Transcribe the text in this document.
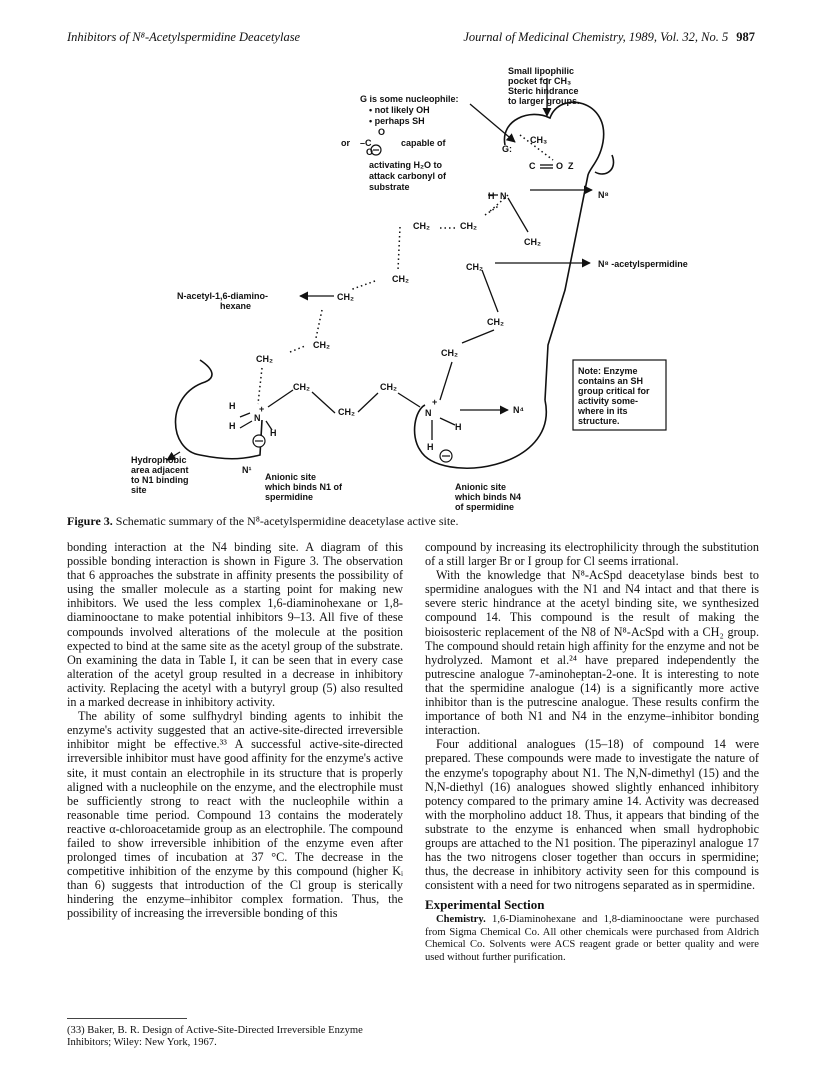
Inhibitors of N⁸-Acetylspermidine Deacetylase	Journal of Medicinal Chemistry, 1989, Vol. 32, No. 5 987
Small lipophilic
pocket for CH₃
Steric hindrance
to larger groups.
G is some nucleophile:
• not likely OH
• perhaps SH
or –C
O
O
capable of
activating H₂O to
attack carbonyl of
substrate
G:
CH₃
C O Z
H N	N⁸
CH₂	CH₂
CH₂
CH₂	N⁸ -acetylspermidine
CH₂
CH₂
N-acetyl-1,6-diamino-
hexane
CH₂
CH₂
CH₂
CH₂
CH₂	CH₂
CH₂
H
H
N
+
H
+
N
H
H
N⁴
Note: Enzyme
contains an SH
group critical for
activity some-
where in its
structure.
Hydrophobic
area adjacent
to N1 binding
site
N¹
Anionic site
which binds N1 of
spermidine
Anionic site
which binds N4
of spermidine
Figure 3. Schematic summary of the N⁸-acetylspermidine deacetylase active site.

bonding interaction at the N4 binding site. A diagram of this possible bonding interaction is shown in Figure 3. The observation that 6 approaches the substrate in affinity presents the possibility of using the smaller molecule as a starting point for making new inhibitors. We used the less complex 1,6-diaminohexane or 1,8-diaminooctane to make potential inhibitors 9–13. All five of these compounds involved alterations of the molecule at the position expected to bind at the same site as the acetyl group of the substrate. On examining the data in Table I, it can be seen that in every case alteration of the acetyl group resulted in a decrease in inhibitory activity. Replacing the acetyl with a butyryl group (5) also resulted in a marked decrease in inhibitory activity.

The ability of some sulfhydryl binding agents to inhibit the enzyme's activity suggested that an active-site-directed irreversible inhibitor might be effective.³³ A successful active-site-directed irreversible inhibitor must have good affinity for the enzyme's active site, it must contain an electrophile in its structure that is properly aligned with a nucleophile on the enzyme, and the electrophile must be sufficiently strong to react with the nucleophile within a reasonable time period. Compound 13 contains the moderately reactive α-chloroacetamide group as an electrophile. The compound failed to show irreversible inhibition of the enzyme even after prolonged times of incubation at 37 °C. The decrease in the competitive inhibition of the enzyme by this compound (higher Kᵢ than 6) suggests that introduction of the Cl group is sterically hindering the enzyme–inhibitor complex formation. Thus, the possibility of increasing the irreversible bonding of this

(33) Baker, B. R. Design of Active-Site-Directed Irreversible Enzyme Inhibitors; Wiley: New York, 1967.

compound by increasing its electrophilicity through the substitution of a still larger Br or I group for Cl seems irrational.

With the knowledge that N⁸-AcSpd deacetylase binds best to spermidine analogues with the N1 and N4 intact and that there is severe steric hindrance at the acetyl binding site, we synthesized compound 14. This compound is the result of making the bioisosteric replacement of the N8 of N⁸-AcSpd with a CH₂ group. The compound should retain high affinity for the enzyme and not be hydrolyzed. Mamont et al.²⁴ have prepared independently the putrescine analogue 7-aminoheptan-2-one. It is interesting to note that the spermidine analogue (14) is a significantly more active inhibitor than is the putrescine analogue. These results confirm the importance of both N1 and N4 in the enzyme–inhibitor bonding interaction.

Four additional analogues (15–18) of compound 14 were prepared. These compounds were made to investigate the nature of the enzyme's topography about N1. The N,N-dimethyl (15) and the N,N-diethyl (16) analogues showed slightly enhanced inhibitory potency compared to the primary amine 14. Activity was decreased with the morpholino adduct 18. Thus, it appears that binding of the substrate to the enzyme is enhanced when small hydrophobic groups are attached to the N1 position. The piperazinyl analogue 17 has the two nitrogens closer together than occurs in spermidine; thus, the decrease in inhibitory activity seen for this compound is consistent with a need for two nitrogens separated as in spermidine.

Experimental Section

Chemistry. 1,6-Diaminohexane and 1,8-diaminooctane were purchased from Sigma Chemical Co. All other chemicals were purchased from Aldrich Chemical Co. Solvents were ACS reagent grade or better quality and were used without further purification.
